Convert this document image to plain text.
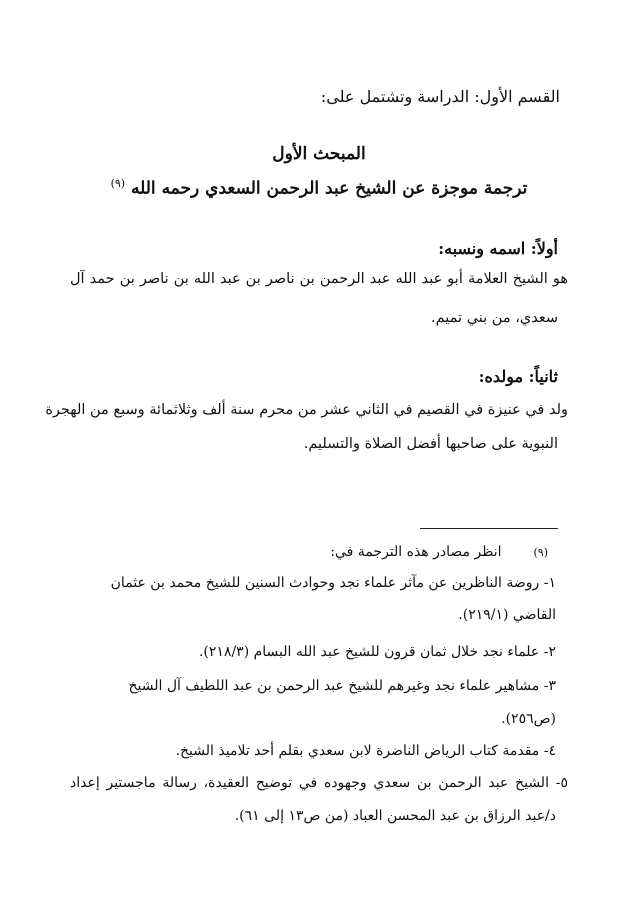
القسم الأول: الدراسة وتشتمل على:
المبحث الأول
ترجمة موجزة عن الشيخ عبد الرحمن السعدي رحمه الله $^{(٩)}$
أولاً: اسمه ونسبه:
هو الشيخ العلامة أبو عبد الله عبد الرحمن بن ناصر بن عبد الله بن ناصر بن حمد آل
سعدي، من بني تميم.
ثانياً: مولده:
ولد في عنيزة في القصيم في الثاني عشر من محرم سنة ألف وثلاثمائة وسبع من الهجرة
النبوية على صاحبها أفضل الصلاة والتسليم.
(٩)انظر مصادر هذه الترجمة في:
١- روضة الناظرين عن مآثر علماء نجد وحوادث السنين للشيخ محمد بن عثمان
القاضي (٢١٩/١).
٢- علماء نجد خلال ثمان قرون للشيخ عبد الله البسام (٢١٨/٣).
٣- مشاهير علماء نجد وغيرهم للشيخ عبد الرحمن بن عبد اللطيف آل الشيخ
(ص٢٥٦).
٤- مقدمة كتاب الرياض الناضرة لابن سعدي بقلم أحد تلاميذ الشيخ.
٥- الشيخ عبد الرحمن بن سعدي وجهوده في توضيح العقيدة، رسالة ماجستير إعداد
د/عبد الرزاق بن عبد المحسن العباد (من ص١٣ إلى ٦١).
